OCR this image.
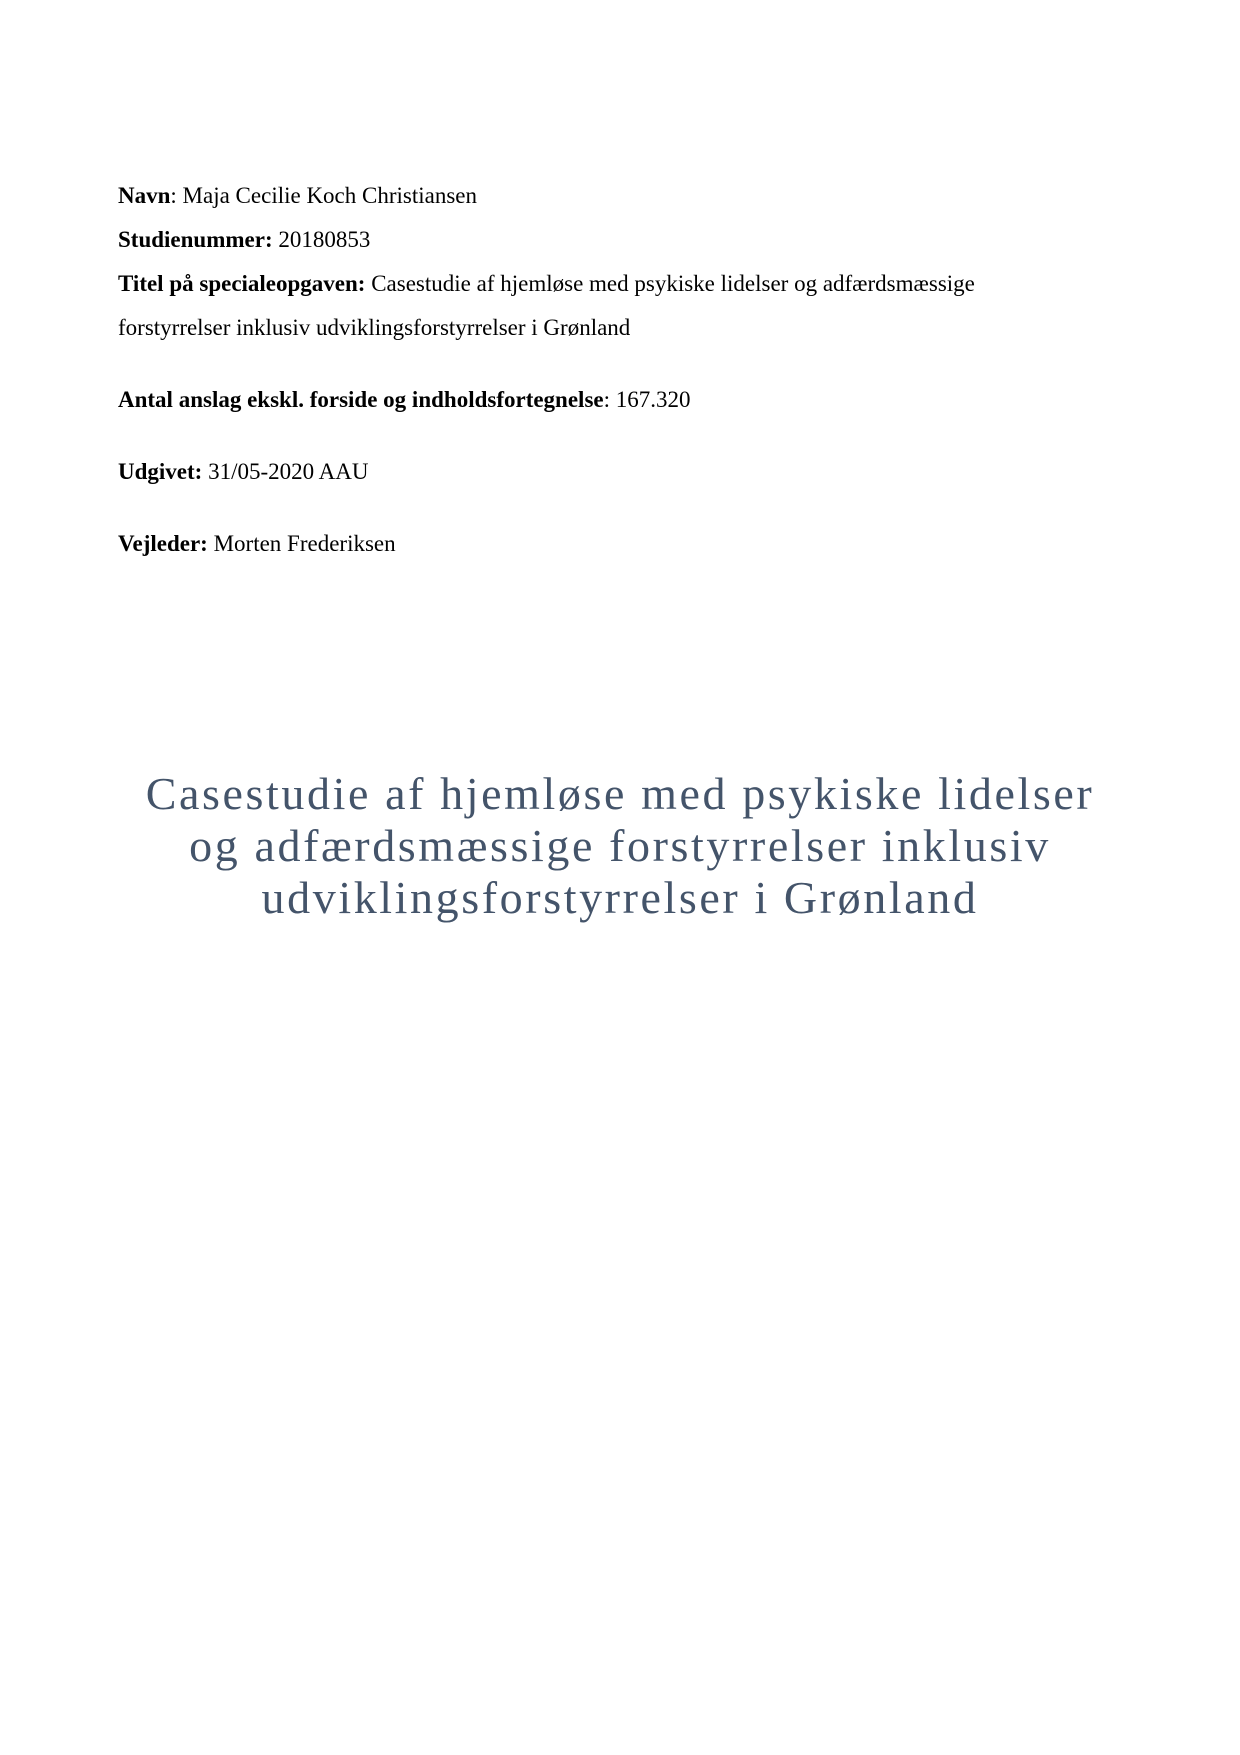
Navn: Maja Cecilie Koch Christiansen

Studienummer: 20180853

Titel på specialeopgaven: Casestudie af hjemløse med psykiske lidelser og adfærdsmæssige

forstyrrelser inklusiv udviklingsforstyrrelser i Grønland

Antal anslag ekskl. forside og indholdsfortegnelse: 167.320

Udgivet: 31/05-2020 AAU

Vejleder: Morten Frederiksen

Casestudie af hjemløse med psykiske lidelser
og adfærdsmæssige forstyrrelser inklusiv
udviklingsforstyrrelser i Grønland
